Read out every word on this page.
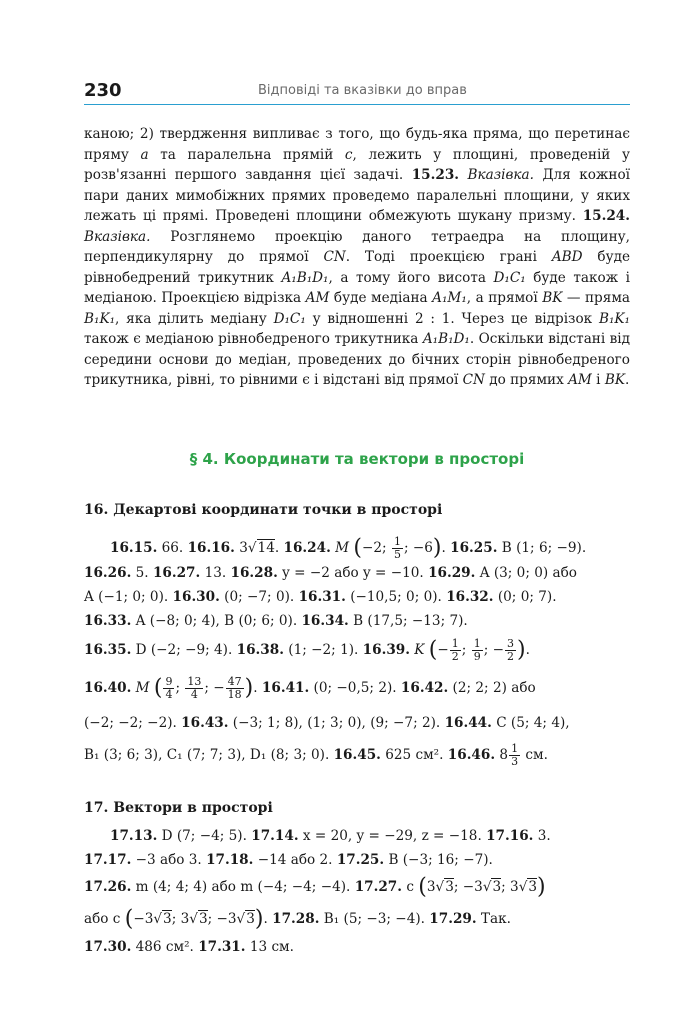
230	Відповіді та вказівки до вправ
каною; 2) твердження випливає з того, що будь-яка пряма, що перетинає пряму a та паралельна прямій c, лежить у площині, проведеній у розв'язанні першого завдання цієї задачі. 15.23. Вказівка. Для кожної пари даних мимобіжних прямих проведемо паралельні площини, у яких лежать ці прямі. Проведені площини обмежують шукану призму. 15.24. Вказівка. Розглянемо проекцію даного тетраедра на площину, перпендикулярну до прямої CN. Тоді проекцією грані ABD буде рівнобедрений трикутник A₁B₁D₁, а тому його висота D₁C₁ буде також і медіаною. Проекцією відрізка AM буде медіана A₁M₁, а прямої BK — пряма B₁K₁, яка ділить медіану D₁C₁ у відношенні 2 : 1. Через це відрізок B₁K₁ також є медіаною рівнобедреного трикутника A₁B₁D₁. Оскільки відстані від середини основи до медіан, проведених до бічних сторін рівнобедреного трикутника, рівні, то рівними є і відстані від прямої CN до прямих AM і BK.
§ 4. Координати та вектори в просторі
16. Декартові координати точки в просторі
16.15. 66. 16.16. 3√14. 16.24. M (−2; $\frac{1}{5}$ ; −6). 16.25. B (1; 6; −9).
16.26. 5. 16.27. 13. 16.28. y = −2 або y = −10. 16.29. A (3; 0; 0) або
A (−1; 0; 0). 16.30. (0; −7; 0). 16.31. (−10,5; 0; 0). 16.32. (0; 0; 7).
16.33. A (−8; 0; 4), B (0; 6; 0). 16.34. B (17,5; −13; 7).
16.35. D (−2; −9; 4). 16.38. (1; −2; 1). 16.39. K (− $\frac{1}{2}$ ; $\frac{1}{9}$ ; − $\frac{3}{2}$ ).
16.40. M ( $\frac{9}{4}$ ; $\frac{13}{4}$ ; − $\frac{47}{18}$ ). 16.41. (0; −0,5; 2). 16.42. (2; 2; 2) або
(−2; −2; −2). 16.43. (−3; 1; 8), (1; 3; 0), (9; −7; 2). 16.44. C (5; 4; 4),
B₁ (3; 6; 3), C₁ (7; 7; 3), D₁ (8; 3; 0). 16.45. 625 см². 16.46. $8 \frac{1}{3}$ см.
17. Вектори в просторі
17.13. D (7; −4; 5). 17.14. x = 20, y = −29, z = −18. 17.16. 3.
17.17. −3 або 3. 17.18. −14 або 2. 17.25. B (−3; 16; −7).
17.26. m (4; 4; 4) або m (−4; −4; −4). 17.27. c (3√3; −3√3; 3√3)
або c (−3√3; 3√3; −3√3). 17.28. B₁ (5; −3; −4). 17.29. Так.
17.30. 486 см². 17.31. 13 см.
